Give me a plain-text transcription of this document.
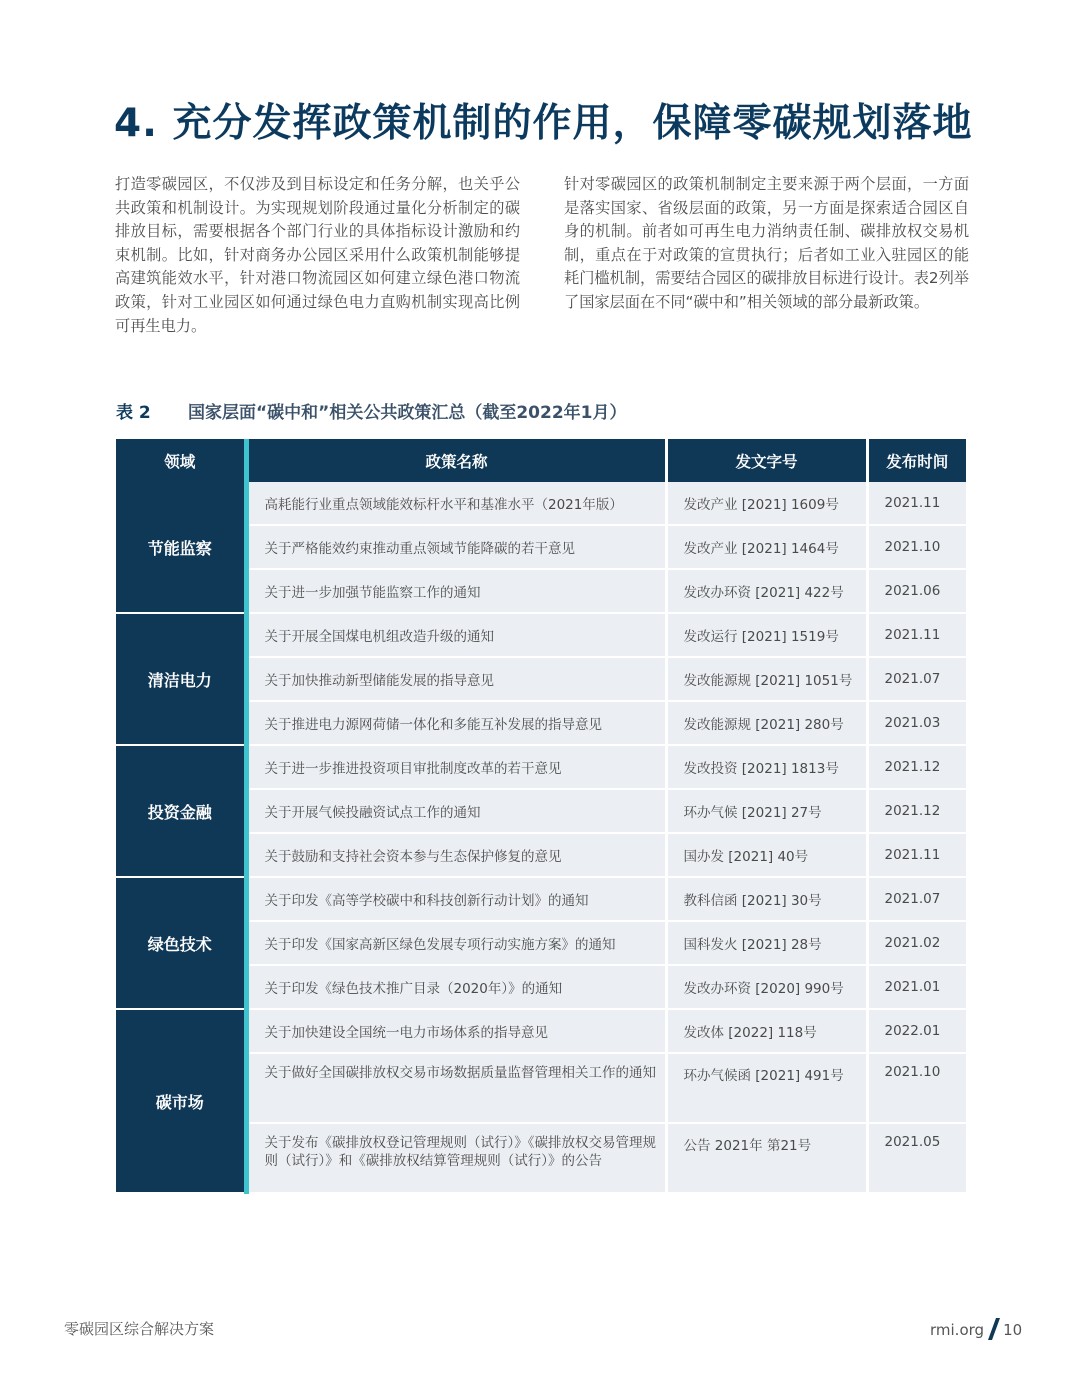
4. 充分发挥政策机制的作用，保障零碳规划落地
打造零碳园区，不仅涉及到目标设定和任务分解，也关乎公共政策和机制设计。为实现规划阶段通过量化分析制定的碳排放目标，需要根据各个部门行业的具体指标设计激励和约束机制。比如，针对商务办公园区采用什么政策机制能够提高建筑能效水平，针对港口物流园区如何建立绿色港口物流政策，针对工业园区如何通过绿色电力直购机制实现高比例可再生电力。
针对零碳园区的政策机制制定主要来源于两个层面，一方面是落实国家、省级层面的政策，另一方面是探索适合园区自身的机制。前者如可再生电力消纳责任制、碳排放权交易机制，重点在于对政策的宣贯执行；后者如工业入驻园区的能耗门槛机制，需要结合园区的碳排放目标进行设计。表2列举了国家层面在不同“碳中和”相关领域的部分最新政策。
表 2 国家层面“碳中和”相关公共政策汇总（截至2022年1月）
领域	政策名称	发文字号	发布时间
节能监察	高耗能行业重点领域能效标杆水平和基准水平（2021年版）	发改产业 [2021] 1609号	2021.11
	关于严格能效约束推动重点领域节能降碳的若干意见	发改产业 [2021] 1464号	2021.10
	关于进一步加强节能监察工作的通知	发改办环资 [2021] 422号	2021.06
清洁电力	关于开展全国煤电机组改造升级的通知	发改运行 [2021] 1519号	2021.11
	关于加快推动新型储能发展的指导意见	发改能源规 [2021] 1051号	2021.07
	关于推进电力源网荷储一体化和多能互补发展的指导意见	发改能源规 [2021] 280号	2021.03
投资金融	关于进一步推进投资项目审批制度改革的若干意见	发改投资 [2021] 1813号	2021.12
	关于开展气候投融资试点工作的通知	环办气候 [2021] 27号	2021.12
	关于鼓励和支持社会资本参与生态保护修复的意见	国办发 [2021] 40号	2021.11
绿色技术	关于印发《高等学校碳中和科技创新行动计划》的通知	教科信函 [2021] 30号	2021.07
	关于印发《国家高新区绿色发展专项行动实施方案》的通知	国科发火 [2021] 28号	2021.02
	关于印发《绿色技术推广目录（2020年）》的通知	发改办环资 [2020] 990号	2021.01
碳市场	关于加快建设全国统一电力市场体系的指导意见	发改体 [2022] 118号	2022.01

	关于做好全国碳排放权交易市场数据质量监督管理相关工作的通知	环办气候函 [2021] 491号	2021.10

	关于发布《碳排放权登记管理规则（试行）》《碳排放权交易管理规则（试行）》和《碳排放权结算管理规则（试行）》的公告	公告 2021年 第21号	2021.05
零碳园区综合解决方案	rmi.org 10
